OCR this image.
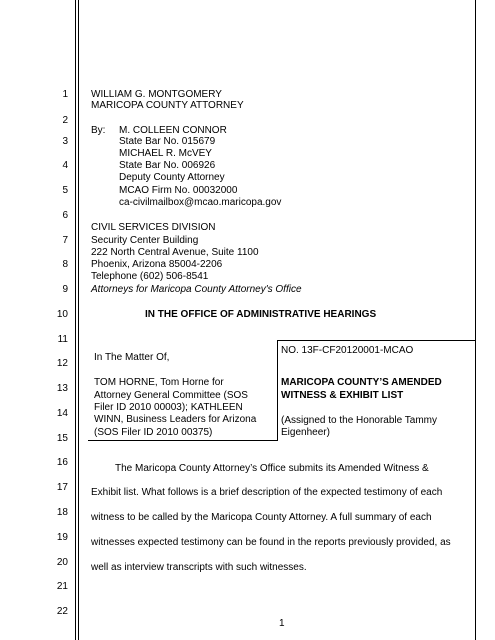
1
2
3
4
5
6
7
8
9
10
11
12
13
14
15
16
17
18
19
20
21
22
WILLIAM G. MONTGOMERY
MARICOPA COUNTY ATTORNEY
By: M. COLLEEN CONNOR
State Bar No. 015679
MICHAEL R. McVEY
State Bar No. 006926
Deputy County Attorney
MCAO Firm No. 00032000
ca-civilmailbox@mcao.maricopa.gov
CIVIL SERVICES DIVISION
Security Center Building
222 North Central Avenue, Suite 1100
Phoenix, Arizona 85004-2206
Telephone (602) 506-8541
Attorneys for Maricopa County Attorney's Office
IN THE OFFICE OF ADMINISTRATIVE HEARINGS
In The Matter Of,
TOM HORNE, Tom Horne for
Attorney General Committee (SOS
Filer ID 2010 00003); KATHLEEN
WINN, Business Leaders for Arizona
(SOS Filer ID 2010 00375)
NO. 13F-CF20120001-MCAO
MARICOPA COUNTY’S AMENDED
WITNESS & EXHIBIT LIST
(Assigned to the Honorable Tammy
Eigenheer)
The Maricopa County Attorney’s Office submits its Amended Witness &
Exhibit list. What follows is a brief description of the expected testimony of each
witness to be called by the Maricopa County Attorney. A full summary of each
witnesses expected testimony can be found in the reports previously provided, as
well as interview transcripts with such witnesses.
1
